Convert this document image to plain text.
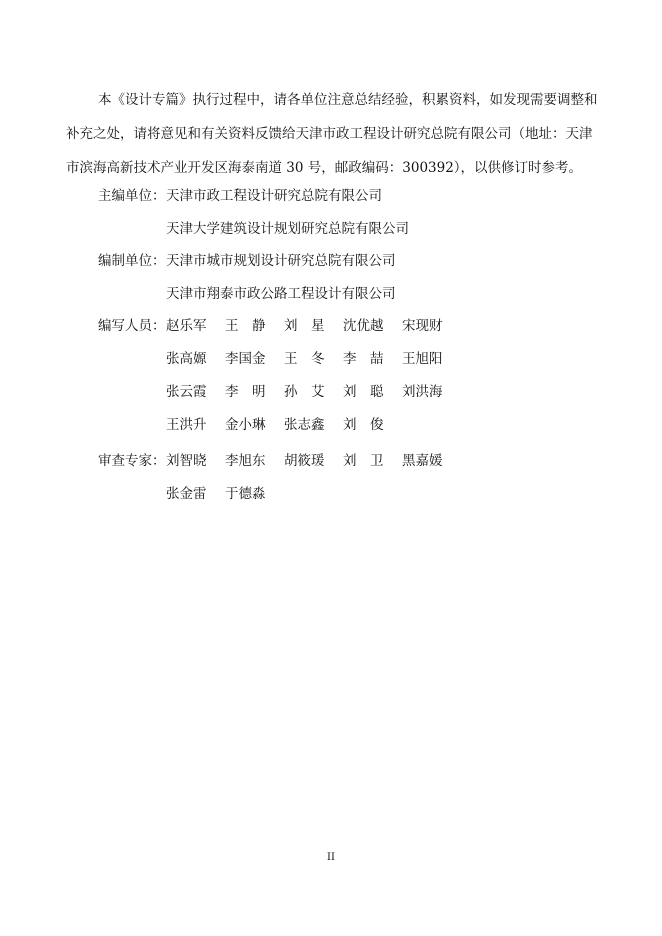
本《设计专篇》执行过程中，请各单位注意总结经验，积累资料，如发现需要调整和
补充之处，请将意见和有关资料反馈给天津市政工程设计研究总院有限公司（地址：天津
市滨海高新技术产业开发区海泰南道 30 号，邮政编码：300392），以供修订时参考。

主编单位： 天津市政工程设计研究总院有限公司
天津大学建筑设计规划研究总院有限公司
编制单位： 天津市城市规划设计研究总院有限公司
天津市翔泰市政公路工程设计有限公司
编写人员： 赵乐军	王　静	刘　星	沈优越	宋现财
张高嫄	李国金	王　冬	李　喆	王旭阳
张云霞	李　明	孙　艾	刘　聪	刘洪海
王洪升	金小琳	张志鑫	刘　俊
审查专家： 刘智晓	李旭东	胡筱瑗	刘　卫	黑嘉媛
张金雷	于德淼
II
